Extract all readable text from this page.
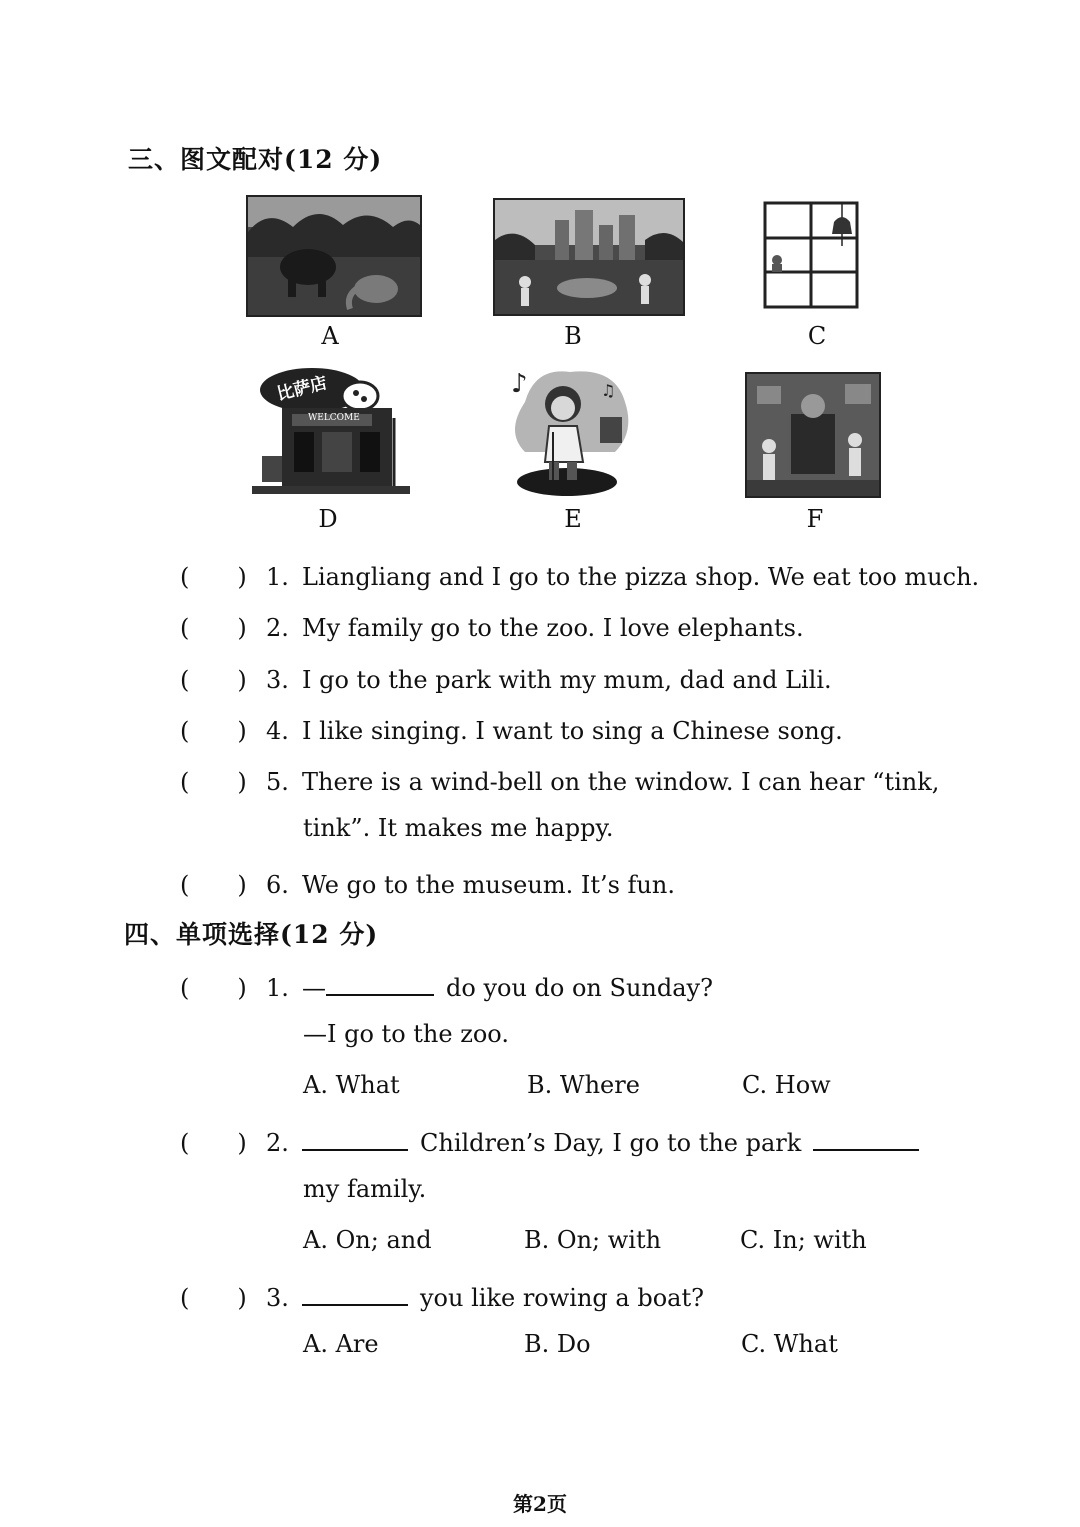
三、图文配对(12 分)
A	B	C
比萨店
WELCOME
D
♪	♫
E	F
(　　) 1. Liangliang and I go to the pizza shop. We eat too much.
(　　) 2. My family go to the zoo. I love elephants.
(　　) 3. I go to the park with my mum, dad and Lili.
(　　) 4. I like singing. I want to sing a Chinese song.
(　　) 5. There is a wind-bell on the window. I can hear “tink,
tink”. It makes me happy.
(　　) 6. We go to the museum. It’s fun.
四、单项选择(12 分)
(　　) 1. —	do you do on Sunday?
—I go to the zoo.
A. What	B. Where	C. How
(　　) 2.	Children’s Day, I go to the park
my family.
A. On; and	B. On; with	C. In; with
(　　) 3.	you like rowing a boat?
A. Are	B. Do	C. What
第2页
